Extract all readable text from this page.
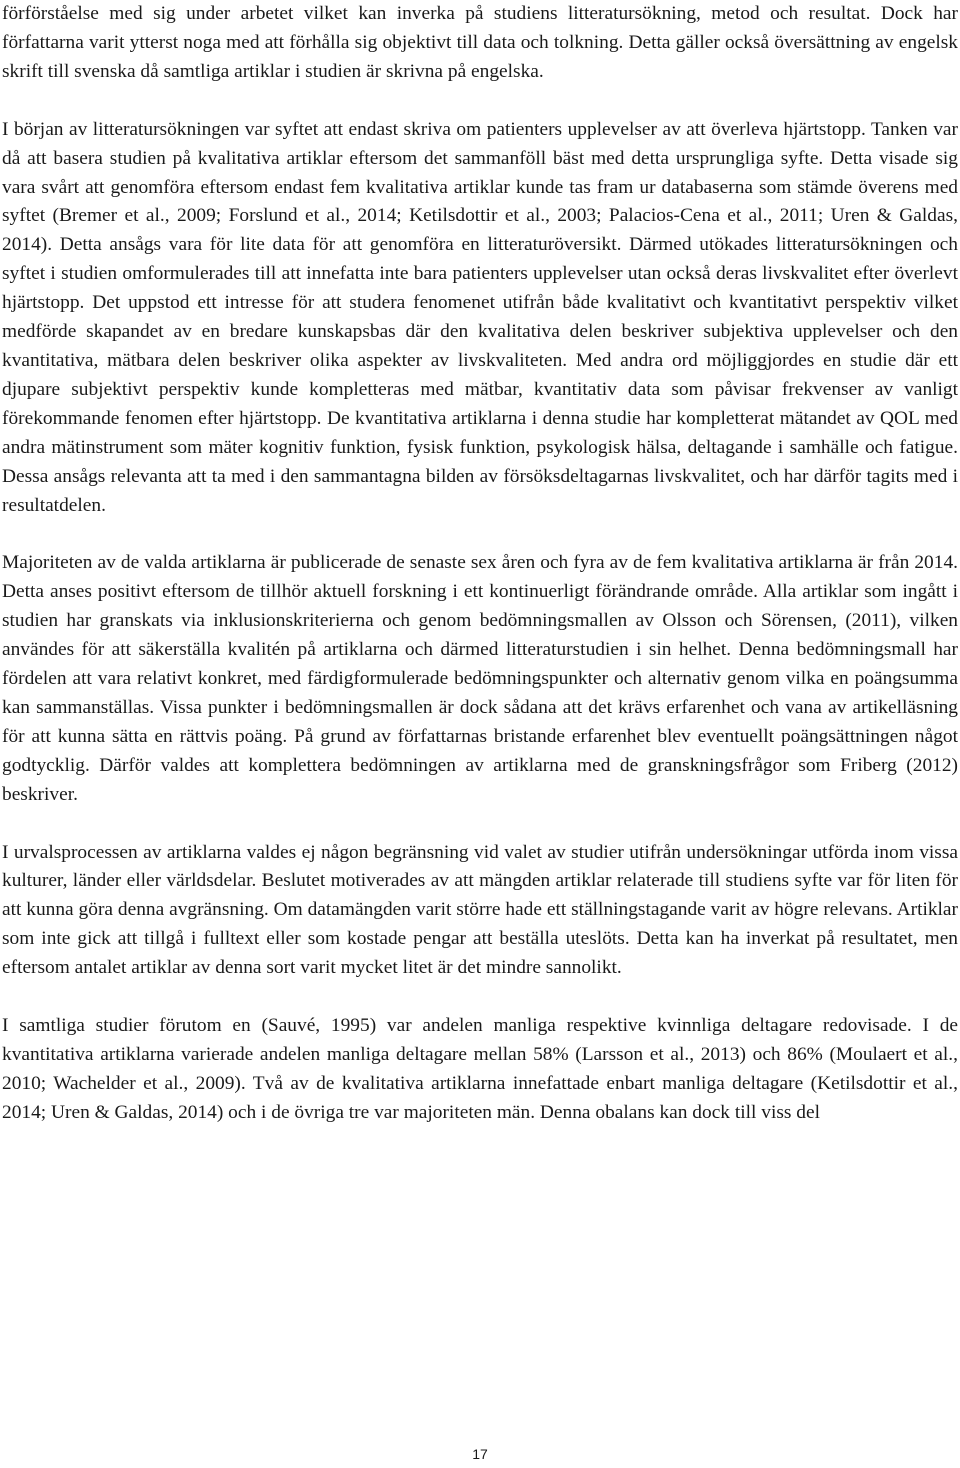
förförståelse med sig under arbetet vilket kan inverka på studiens litteratursökning, metod och resultat. Dock har författarna varit ytterst noga med att förhålla sig objektivt till data och tolkning. Detta gäller också översättning av engelsk skrift till svenska då samtliga artiklar i studien är skrivna på engelska.

I början av litteratursökningen var syftet att endast skriva om patienters upplevelser av att överleva hjärtstopp. Tanken var då att basera studien på kvalitativa artiklar eftersom det sammanföll bäst med detta ursprungliga syfte. Detta visade sig vara svårt att genomföra eftersom endast fem kvalitativa artiklar kunde tas fram ur databaserna som stämde överens med syftet (Bremer et al., 2009; Forslund et al., 2014; Ketilsdottir et al., 2003; Palacios-Cena et al., 2011; Uren & Galdas, 2014). Detta ansågs vara för lite data för att genomföra en litteraturöversikt. Därmed utökades litteratursökningen och syftet i studien omformulerades till att innefatta inte bara patienters upplevelser utan också deras livskvalitet efter överlevt hjärtstopp. Det uppstod ett intresse för att studera fenomenet utifrån både kvalitativt och kvantitativt perspektiv vilket medförde skapandet av en bredare kunskapsbas där den kvalitativa delen beskriver subjektiva upplevelser och den kvantitativa, mätbara delen beskriver olika aspekter av livskvaliteten. Med andra ord möjliggjordes en studie där ett djupare subjektivt perspektiv kunde kompletteras med mätbar, kvantitativ data som påvisar frekvenser av vanligt förekommande fenomen efter hjärtstopp. De kvantitativa artiklarna i denna studie har kompletterat mätandet av QOL med andra mätinstrument som mäter kognitiv funktion, fysisk funktion, psykologisk hälsa, deltagande i samhälle och fatigue. Dessa ansågs relevanta att ta med i den sammantagna bilden av försöksdeltagarnas livskvalitet, och har därför tagits med i resultatdelen.

Majoriteten av de valda artiklarna är publicerade de senaste sex åren och fyra av de fem kvalitativa artiklarna är från 2014. Detta anses positivt eftersom de tillhör aktuell forskning i ett kontinuerligt förändrande område. Alla artiklar som ingått i studien har granskats via inklusionskriterierna och genom bedömningsmallen av Olsson och Sörensen, (2011), vilken användes för att säkerställa kvalitén på artiklarna och därmed litteraturstudien i sin helhet. Denna bedömningsmall har fördelen att vara relativt konkret, med färdigformulerade bedömningspunkter och alternativ genom vilka en poängsumma kan sammanställas. Vissa punkter i bedömningsmallen är dock sådana att det krävs erfarenhet och vana av artikelläsning för att kunna sätta en rättvis poäng. På grund av författarnas bristande erfarenhet blev eventuellt poängsättningen något godtycklig. Därför valdes att komplettera bedömningen av artiklarna med de granskningsfrågor som Friberg (2012) beskriver.

I urvalsprocessen av artiklarna valdes ej någon begränsning vid valet av studier utifrån undersökningar utförda inom vissa kulturer, länder eller världsdelar. Beslutet motiverades av att mängden artiklar relaterade till studiens syfte var för liten för att kunna göra denna avgränsning. Om datamängden varit större hade ett ställningstagande varit av högre relevans. Artiklar som inte gick att tillgå i fulltext eller som kostade pengar att beställa uteslöts. Detta kan ha inverkat på resultatet, men eftersom antalet artiklar av denna sort varit mycket litet är det mindre sannolikt.

I samtliga studier förutom en (Sauvé, 1995) var andelen manliga respektive kvinnliga deltagare redovisade. I de kvantitativa artiklarna varierade andelen manliga deltagare mellan 58% (Larsson et al., 2013) och 86% (Moulaert et al., 2010; Wachelder et al., 2009). Två av de kvalitativa artiklarna innefattade enbart manliga deltagare (Ketilsdottir et al., 2014; Uren & Galdas, 2014) och i de övriga tre var majoriteten män. Denna obalans kan dock till viss del

17
